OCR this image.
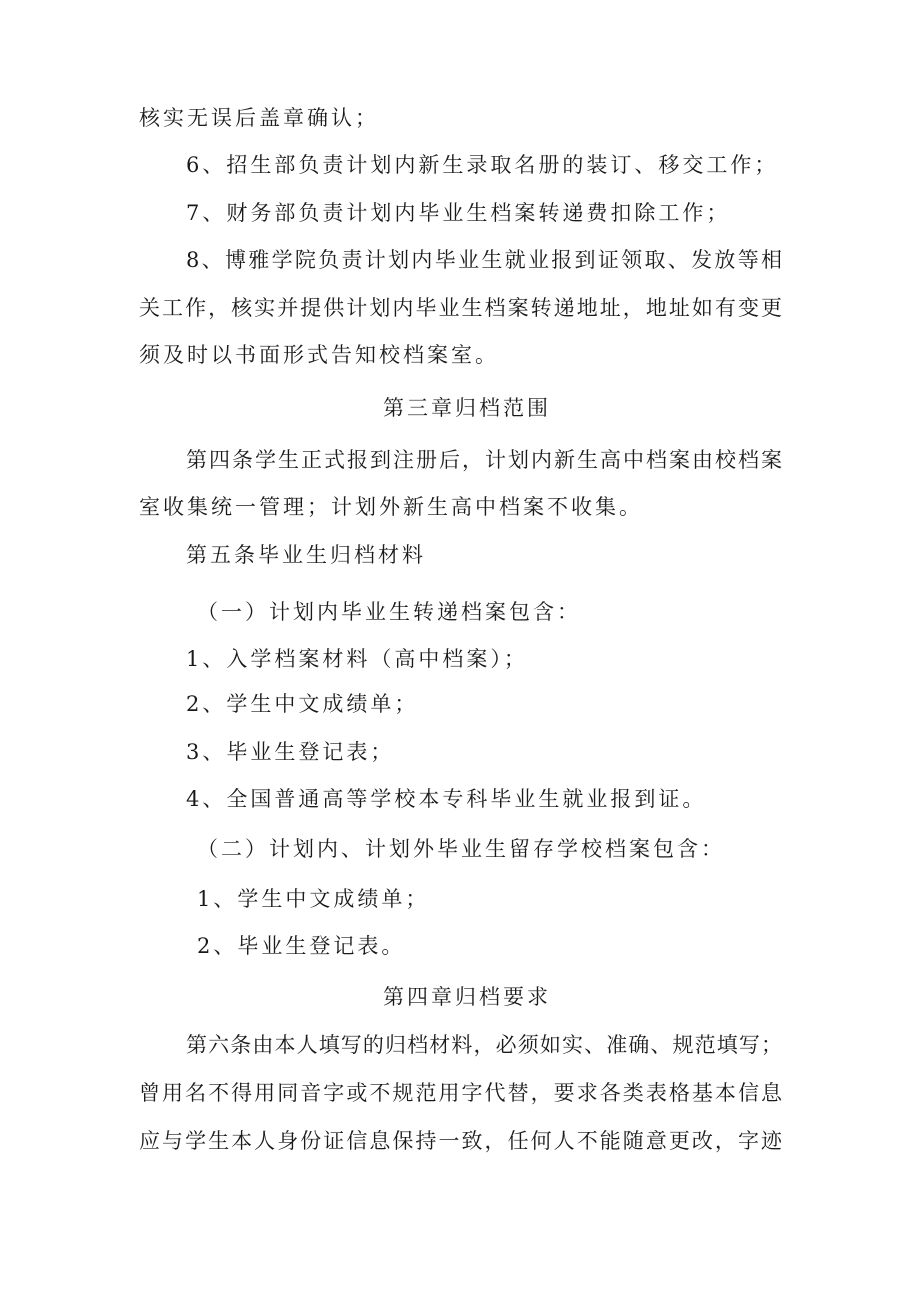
核实无误后盖章确认；
6、招生部负责计划内新生录取名册的装订、移交工作；
7、财务部负责计划内毕业生档案转递费扣除工作；
8、博雅学院负责计划内毕业生就业报到证领取、发放等相
关工作，核实并提供计划内毕业生档案转递地址，地址如有变更
须及时以书面形式告知校档案室。
第三章归档范围
第四条学生正式报到注册后，计划内新生高中档案由校档案
室收集统一管理；计划外新生高中档案不收集。
第五条毕业生归档材料
（一）计划内毕业生转递档案包含：
1、入学档案材料（高中档案）；
2、学生中文成绩单；
3、毕业生登记表；
4、全国普通高等学校本专科毕业生就业报到证。
（二）计划内、计划外毕业生留存学校档案包含：
1、学生中文成绩单；
2、毕业生登记表。
第四章归档要求
第六条由本人填写的归档材料，必须如实、准确、规范填写；
曾用名不得用同音字或不规范用字代替，要求各类表格基本信息
应与学生本人身份证信息保持一致，任何人不能随意更改，字迹
